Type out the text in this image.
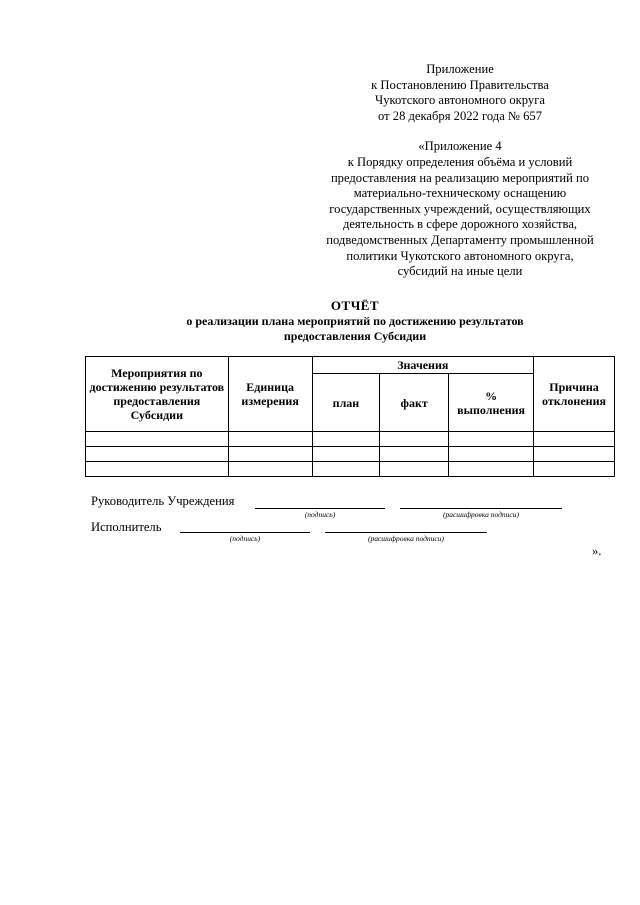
Приложение
к Постановлению Правительства
Чукотского автономного округа
от 28 декабря 2022 года № 657
«Приложение 4
к Порядку определения объёма и условий
предоставления на реализацию мероприятий по
материально-техническому оснащению
государственных учреждений, осуществляющих
деятельность в сфере дорожного хозяйства,
подведомственных Департаменту промышленной
политики Чукотского автономного округа,
субсидий на иные цели
ОТЧЁТ
о реализации плана мероприятий по достижению результатов
предоставления Субсидии
Мероприятия по достижению результатов предоставления Субсидии	Единица измерения	Значения			Причина отклонения
		план	факт	% выполнения	

Руководитель Учреждения
(подпись)	(расшифровка подписи)
Исполнитель
(подпись)	(расшифровка подписи)
».
